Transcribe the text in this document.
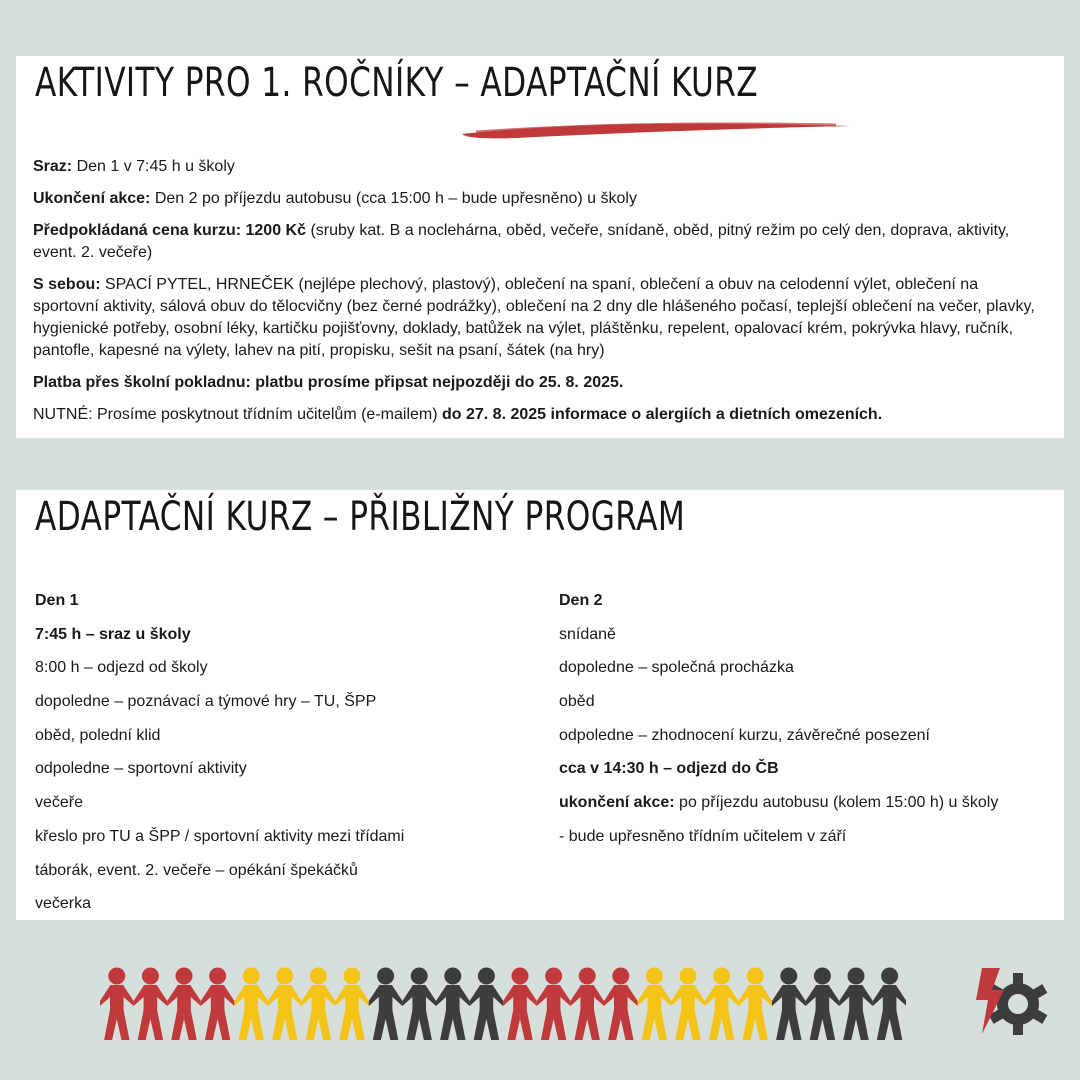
AKTIVITY PRO 1. ROČNÍKY – ADAPTAČNÍ KURZ

Sraz: Den 1 v 7:45 h u školy

Ukončení akce: Den 2 po příjezdu autobusu (cca 15:00 h – bude upřesněno) u školy

Předpokládaná cena kurzu: 1200 Kč (sruby kat. B a noclehárna, oběd, večeře, snídaně, oběd, pitný režim po celý den, doprava, aktivity, event. 2. večeře)

S sebou: SPACÍ PYTEL, HRNEČEK (nejlépe plechový, plastový), oblečení na spaní, oblečení a obuv na celodenní výlet, oblečení na sportovní aktivity, sálová obuv do tělocvičny (bez černé podrážky), oblečení na 2 dny dle hlášeného počasí, teplejší oblečení na večer, plavky, hygienické potřeby, osobní léky, kartičku pojišťovny, doklady, batůžek na výlet, pláštěnku, repelent, opalovací krém, pokrývka hlavy, ručník, pantofle, kapesné na výlety, lahev na pití, propisku, sešit na psaní, šátek (na hry)

Platba přes školní pokladnu: platbu prosíme připsat nejpozději do 25. 8. 2025.

NUTNÉ: Prosíme poskytnout třídním učitelům (e-mailem) do 27. 8. 2025 informace o alergiích a dietních omezeních.

ADAPTAČNÍ KURZ – PŘIBLIŽNÝ PROGRAM
Den 1
7:45 h – sraz u školy
8:00 h – odjezd od školy
dopoledne – poznávací a týmové hry – TU, ŠPP
oběd, polední klid
odpoledne – sportovní aktivity
večeře
křeslo pro TU a ŠPP / sportovní aktivity mezi třídami
táborák, event. 2. večeře – opékání špekáčků
večerka
Den 2
snídaně
dopoledne – společná procházka
oběd
odpoledne – zhodnocení kurzu, závěrečné posezení
cca v 14:30 h – odjezd do ČB
ukončení akce: po příjezdu autobusu (kolem 15:00 h) u školy
- bude upřesněno třídním učitelem v září
